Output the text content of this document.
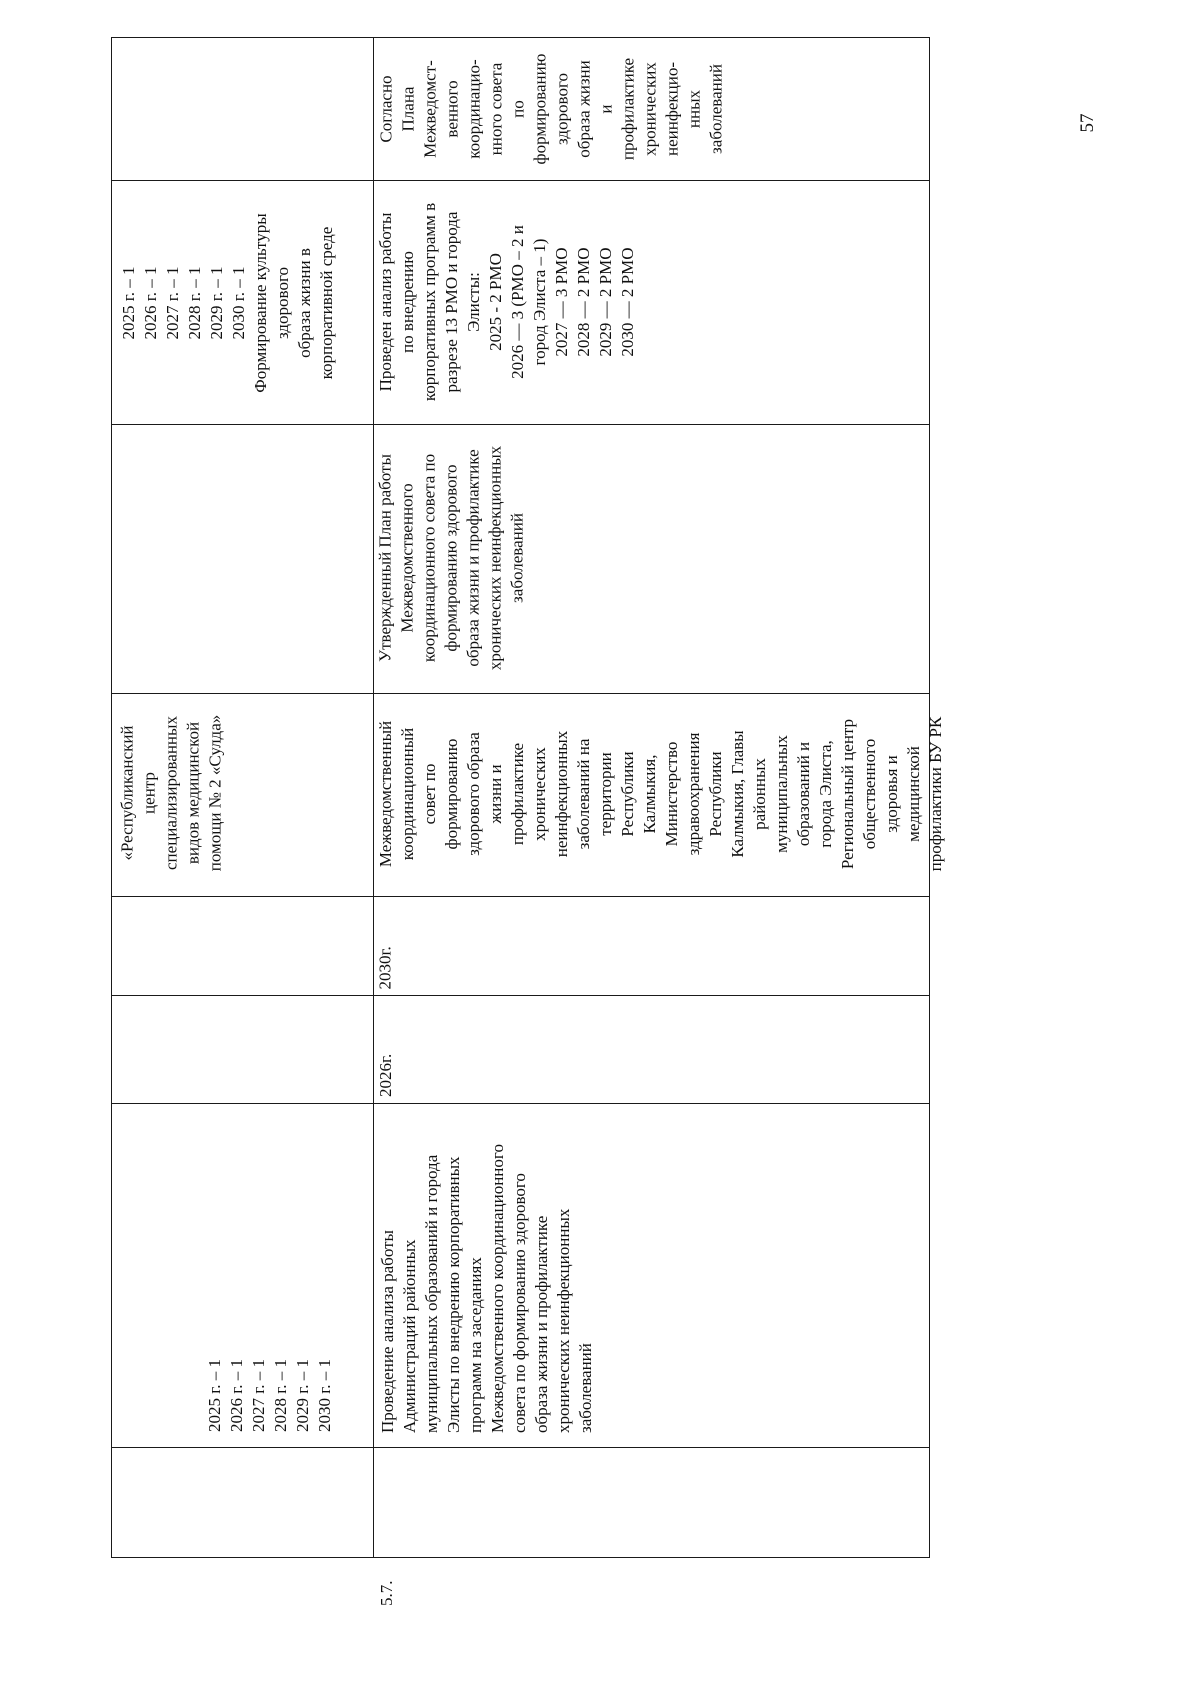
57
2025 г. – 1 2026 г. – 1 2027 г. – 1 2028 г. – 1 2029 г. – 1 2030 г. – 1
«Республиканский центр специализированных видов медицинской помощи № 2 «Сулда»
2025 г. – 1 2026 г. – 1 2027 г. – 1 2028 г. – 1 2029 г. – 1 2030 г. – 1 Формирование культуры здорового образа жизни в корпоративной среде
5.7.
Проведение анализа работы Администраций районных муниципальных образований и города Элисты по внедрению корпоративных программ на заседаниях Межведомственного координационного совета по формированию здорового образа жизни и профилактике хронических неинфекционных заболеваний
2026г.
2030г.
Межведомственный координационный совет по формированию здорового образа жизни и профилактике хронических неинфекционных заболеваний на территории Республики Калмыкия, Министерство здравоохранения Республики Калмыкия, Главы районных муниципальных образований и города Элиста, Региональный центр общественного здоровья и медицинской профилактики БУ РК
Утвержденный План работы Межведомственного координационного совета по формированию здорового образа жизни и профилактике хронических неинфекционных заболеваний
Проведен анализ работы по внедрению корпоративных программ в разрезе 13 РМО и города Элисты: 2025 - 2 РМО 2026 — 3 (РМО – 2 и город Элиста – 1) 2027 — 3 РМО 2028 — 2 РМО 2029 — 2 РМО 2030 — 2 РМО
Согласно Плана Межведомст- венного координацио- нного совета по формированию здорового образа жизни и профилактике хронических неинфекцио- нных заболеваний
